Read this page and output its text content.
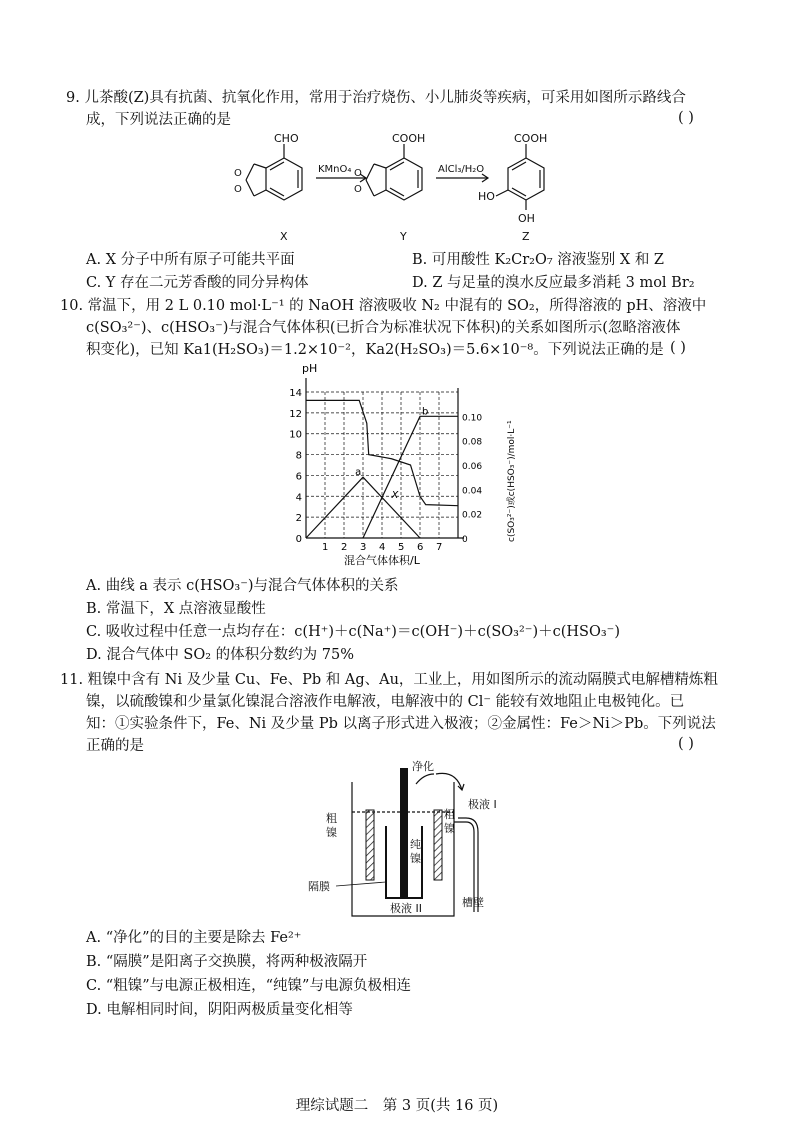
9. 儿茶酸(Z)具有抗菌、抗氧化作用，常用于治疗烧伤、小儿肺炎等疾病，可采用如图所示路线合
成，下列说法正确的是	( )
CHO
O
O
COOH
O
O
COOH
HO
OH
KMnO₄	AlCl₃/H₂O
X	Y	Z
A. X 分子中所有原子可能共平面	B. 可用酸性 K₂Cr₂O₇ 溶液鉴别 X 和 Z
C. Y 存在二元芳香酸的同分异构体	D. Z 与足量的溴水反应最多消耗 3 mol Br₂
10. 常温下，用 2 L 0.10 mol·L⁻¹ 的 NaOH 溶液吸收 N₂ 中混有的 SO₂，所得溶液的 pH、溶液中
c(SO₃²⁻)、c(HSO₃⁻)与混合气体体积(已折合为标准状况下体积)的关系如图所示(忽略溶液体
积变化)，已知 Ka1(H₂SO₃)＝1.2×10⁻²，Ka2(H₂SO₃)＝5.6×10⁻⁸。下列说法正确的是 ( )
1 2 3 4 5 6 7
0
2
4
6
8
10
12
14
0
0.02
0.04
0.06
0.08
0.10
a
b
X
pH
混合气体体积/L
c(SO₃²⁻)或c(HSO₃⁻)/mol·L⁻¹
A. 曲线 a 表示 c(HSO₃⁻)与混合气体体积的关系
B. 常温下，X 点溶液显酸性
C. 吸收过程中任意一点均存在：c(H⁺)＋c(Na⁺)＝c(OH⁻)＋c(SO₃²⁻)＋c(HSO₃⁻)
D. 混合气体中 SO₂ 的体积分数约为 75%
11. 粗镍中含有 Ni 及少量 Cu、Fe、Pb 和 Ag、Au，工业上，用如图所示的流动隔膜式电解槽精炼粗
镍，以硫酸镍和少量氯化镍混合溶液作电解液，电解液中的 Cl⁻ 能较有效地阻止电极钝化。已
知：①实验条件下，Fe、Ni 及少量 Pb 以离子形式进入极液；②金属性：Fe＞Ni＞Pb。下列说法
正确的是	( )
粗
镍
粗
镍
纯
镍
净化
极液 I
极液 II
隔膜
槽壁
A. “净化”的目的主要是除去 Fe²⁺
B. “隔膜”是阳离子交换膜，将两种极液隔开
C. “粗镍”与电源正极相连，“纯镍”与电源负极相连
D. 电解相同时间，阴阳两极质量变化相等
理综试题二　第 3 页(共 16 页)
